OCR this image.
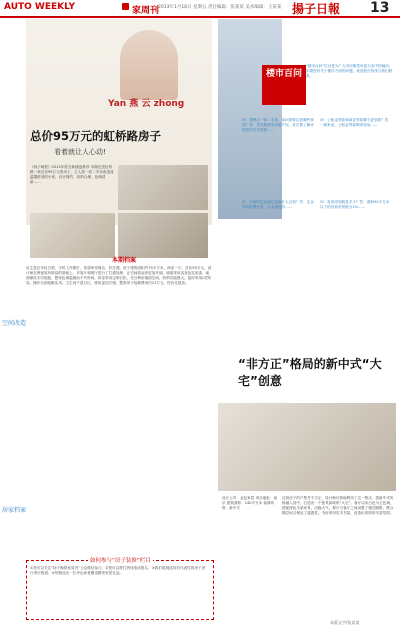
AUTO WEEKLY	家周刊
2013年1月18日 星期五 责任编辑：张某某 美术编辑：王某某 揚子日報 13
Yan 燕 云 zhong
总价95万元的虹桥路房子
看着就让人心动!
《扬子晚报》2013年度全新楼盘推荐·本期走进虹桥路一套总价95万元的房子，主人将一套二手房改造成温馨舒适的小家，设计简约、收纳合理、色调清新……
空间改造
居家档案
本期档案
房主是位年轻白领，平时工作繁忙，希望家里简洁、好打理。房子建筑面积约75平方米，两室一厅，总价95万元。设计师在保留原有格局的基础上，对客厅和餐厅进行了打通处理，让空间看起来更加开阔。墙面采用浅灰色乳胶漆，地面铺设木纹地板，整体色调温暖而不失时尚。卧室采用定制衣柜，充分利用墙面空间，收纳功能强大。厨房采用L型布局，操作台面宽敞实用。卫生间干湿分区，使用更加方便。整套房子装修费用约12万元，性价比很高。
如何参与“房子装修”栏目
①您可以关注“扬子晚报家周刊”公众微信参与；②您可以拨打热线电话报名；③我们将挑选具有代表性的房子进行采访报道；④每期选出一位幸运读者赠送精美家居礼品。
楼市百问
“楼市百问”栏目是为广大市民解答房屋买卖中的疑问，如果您有关于楼市方面的问题，欢迎拨打热线与我们联系。
问：我想买一套二手房，请问需要注意哪些事项？答：首先要核实房屋产权，其次要了解房屋是否存在抵押……
问：公积金贷款和商业贷款哪个更划算？答：一般来说，公积金贷款利率较低……
问：买房时定金和订金有什么区别？答：定金具有担保性质，订金则没有……
问：首套房契税是多少？答：面积90平方米以下的首套房契税为1%……
“非方正”格局的新中式“大宅”创意
设计公司：金色家居 项目地址：南京 建筑面积：140平方米 装修风格：新中式
这套房子的户型并不方正，设计师巧妙地利用了这一特点，将新中式风格融入其中，打造出一个独具韵味的“大宅”。客厅以米白色为主色调，搭配深色木质家具，沉稳大气。餐厅与客厅之间设置了镂空隔断，既分隔空间又保证了通透性。书房采用实木书架，营造出浓厚的书香氛围。
本版文字/张某某
